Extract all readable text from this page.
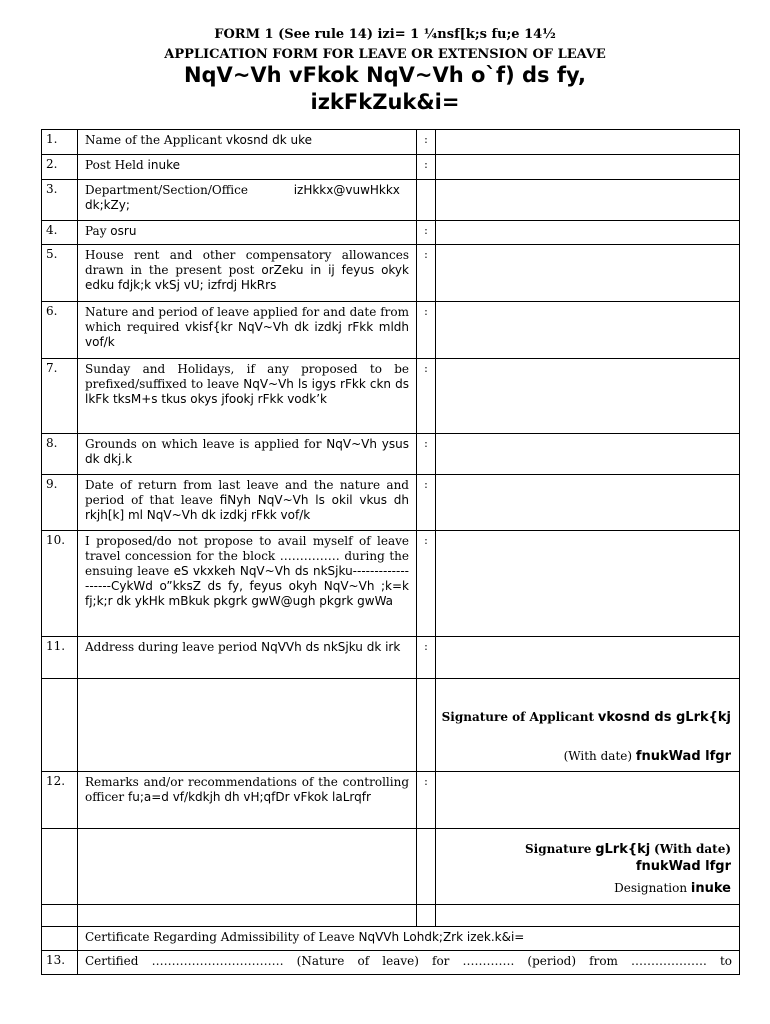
FORM 1 (See rule 14) izi= 1 ¼nsf[k;s fu;e 14½
APPLICATION FORM FOR LEAVE OR EXTENSION OF LEAVE
NqV~Vh vFkok NqV~Vh o`f) ds fy,
izkFkZuk&i=
1.	Name of the Applicant vkosnd dk uke	:	
2.	Post Held inuke	:	
3.	Department/Section/Office izHkkx@vuwHkkx dk;kZy;		
4.	Pay osru	:	
5.	House rent and other compensatory allowances drawn in the present post orZeku in ij feyus okyk edku fdjk;k vkSj vU; izfrdj HkRrs	:	
6.	Nature and period of leave applied for and date from which required vkisf{kr NqV~Vh dk izdkj rFkk mldh vof/k	:	
7.	Sunday and Holidays, if any proposed to be prefixed/suffixed to leave NqV~Vh ls igys rFkk ckn ds lkFk tksM+s tkus okys jfookj rFkk vodk’k	:	
8.	Grounds on which leave is applied for NqV~Vh ysus dk dkj.k	:	
9.	Date of return from last leave and the nature and period of that leave fiNyh NqV~Vh ls okil vkus dh rkjh[k] ml NqV~Vh dk izdkj rFkk vof/k	:	
10.	I proposed/do not propose to avail myself of leave travel concession for the block …………… during the ensuing leave eS vkxkeh NqV~Vh ds nkSjku-------------------CykWd o”kksZ ds fy, feyus okyh NqV~Vh ;k=k fj;k;r dk ykHk mBkuk pkgrk gwW@ugh pkgrk gwWa	:	
11.	Address during leave period NqVVh ds nkSjku dk irk	:	

			Signature of Applicant vkosnd ds gLrk{kj
(With date) fnukWad lfgr

12.	Remarks and/or recommendations of the controlling officer fu;a=d vf/kdkjh dh vH;qfDr vFkok laLrqfr	:	

			Signature gLrk{kj (With date)
fnukWad lfgr
Designation inuke

	Certificate Regarding Admissibility of Leave NqVVh Lohdk;Zrk izek.k&i=		
13.	Certified …………………………… (Nature of leave) for …………. (period) from ………………. to		
